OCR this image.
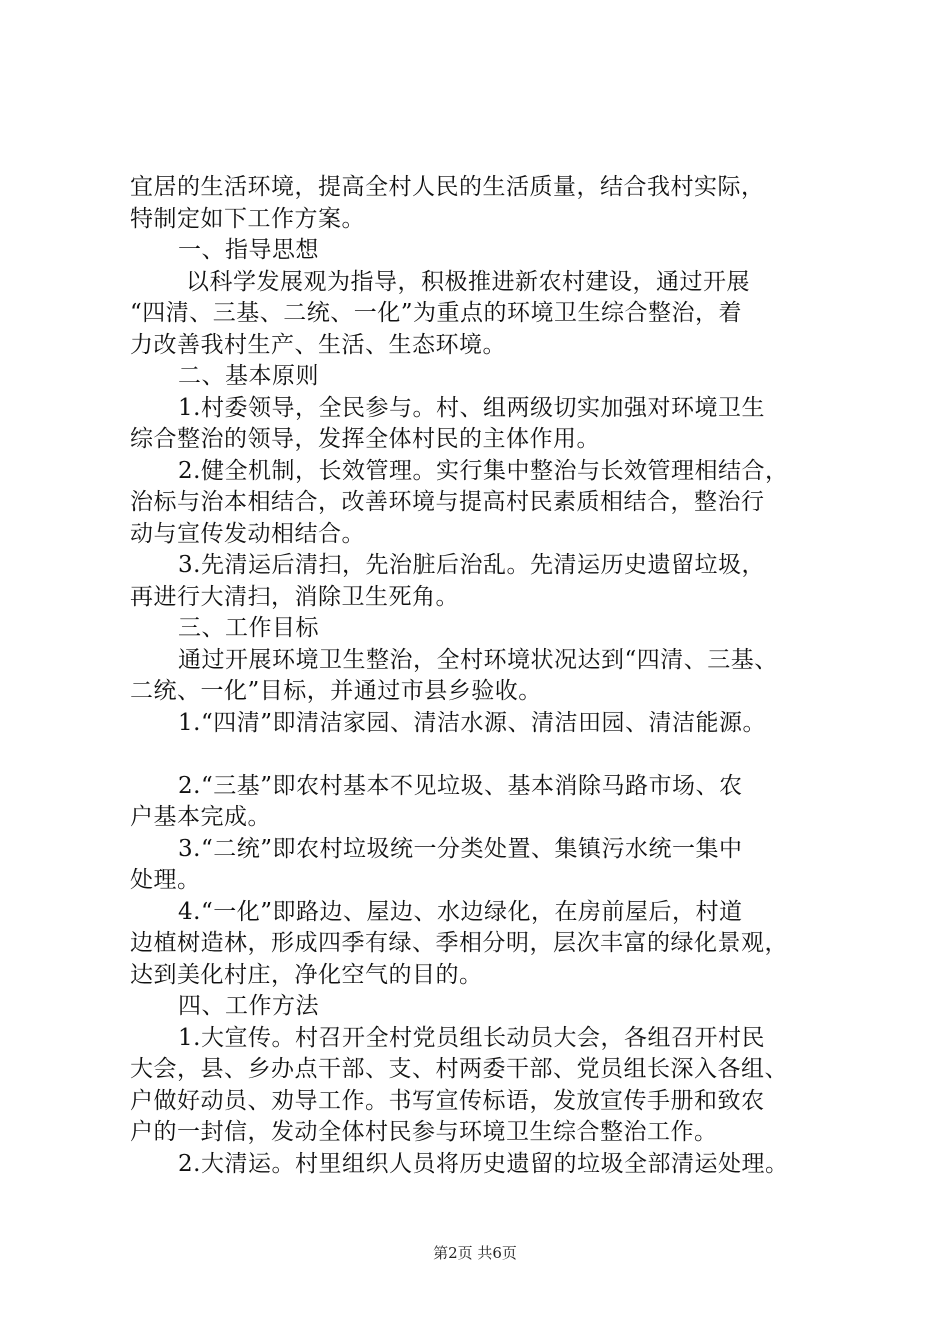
宜居的生活环境，提高全村人民的生活质量，结合我村实际，
特制定如下工作方案。
一、指导思想
以科学发展观为指导，积极推进新农村建设，通过开展
“四清、三基、二统、一化”为重点的环境卫生综合整治，着
力改善我村生产、生活、生态环境。
二、基本原则
1.村委领导，全民参与。村、组两级切实加强对环境卫生
综合整治的领导，发挥全体村民的主体作用。
2.健全机制，长效管理。实行集中整治与长效管理相结合，
治标与治本相结合，改善环境与提高村民素质相结合，整治行
动与宣传发动相结合。
3.先清运后清扫，先治脏后治乱。先清运历史遗留垃圾，
再进行大清扫，消除卫生死角。
三、工作目标
通过开展环境卫生整治，全村环境状况达到“四清、三基、
二统、一化”目标，并通过市县乡验收。
1.“四清”即清洁家园、清洁水源、清洁田园、清洁能源。
2.“三基”即农村基本不见垃圾、基本消除马路市场、农
户基本完成。
3.“二统”即农村垃圾统一分类处置、集镇污水统一集中
处理。
4.“一化”即路边、屋边、水边绿化，在房前屋后，村道
边植树造林，形成四季有绿、季相分明，层次丰富的绿化景观，
达到美化村庄，净化空气的目的。
四、工作方法
1.大宣传。村召开全村党员组长动员大会，各组召开村民
大会，县、乡办点干部、支、村两委干部、党员组长深入各组、
户做好动员、劝导工作。书写宣传标语，发放宣传手册和致农
户的一封信，发动全体村民参与环境卫生综合整治工作。
2.大清运。村里组织人员将历史遗留的垃圾全部清运处理。
第2页 共6页
